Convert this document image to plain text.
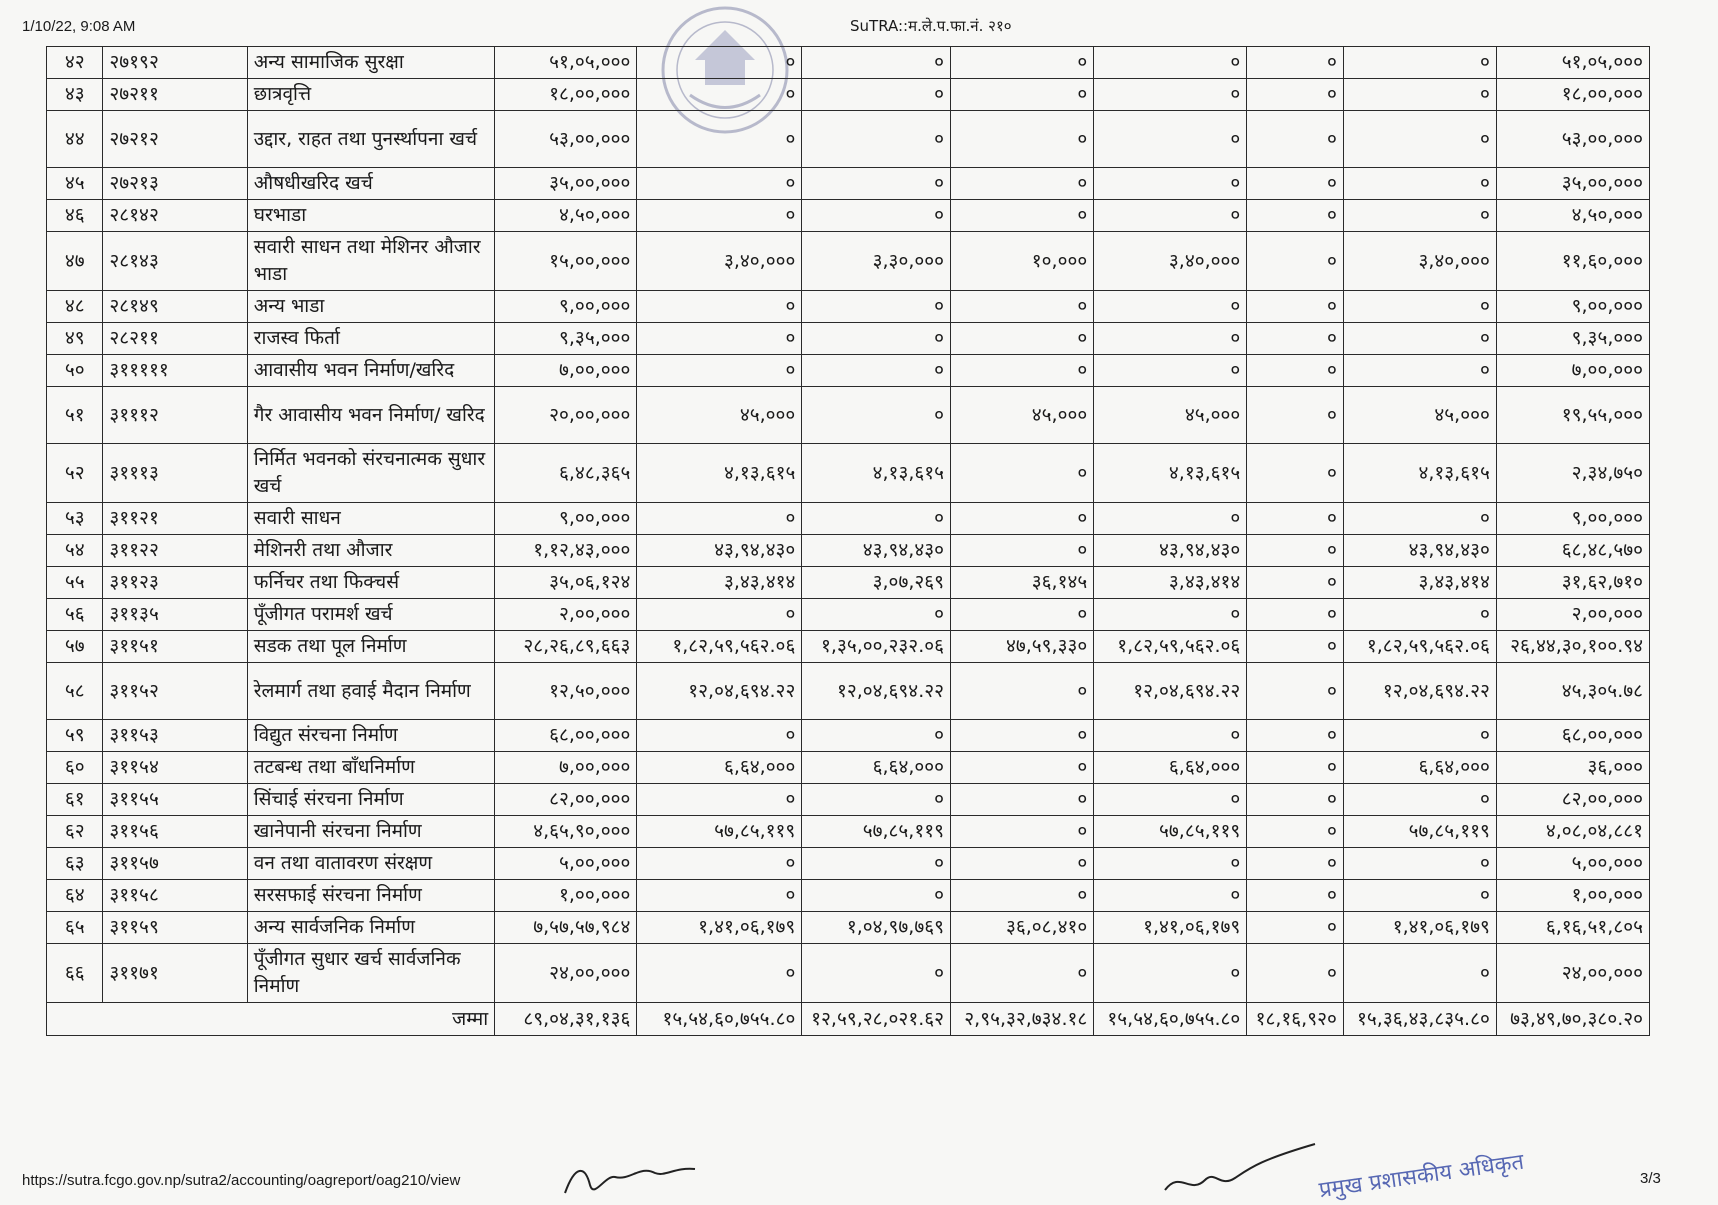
1/10/22, 9:08 AM	SuTRA::म.ले.प.फा.नं. २१०
४२	२७१९२	अन्य सामाजिक सुरक्षा	५१,०५,०००	०	०	०	०	०	०	५१,०५,०००
४३	२७२११	छात्रवृत्ति	१८,००,०००	०	०	०	०	०	०	१८,००,०००
४४	२७२१२	उद्दार, राहत तथा पुनर्स्थापना खर्च	५३,००,०००	०	०	०	०	०	०	५३,००,०००
४५	२७२१३	औषधीखरिद खर्च	३५,००,०००	०	०	०	०	०	०	३५,००,०००
४६	२८१४२	घरभाडा	४,५०,०००	०	०	०	०	०	०	४,५०,०००
४७	२८१४३	सवारी साधन तथा मेशिनर औजार भाडा	१५,००,०००	३,४०,०००	३,३०,०००	१०,०००	३,४०,०००	०	३,४०,०००	११,६०,०००
४८	२८१४९	अन्य भाडा	९,००,०००	०	०	०	०	०	०	९,००,०००
४९	२८२११	राजस्व फिर्ता	९,३५,०००	०	०	०	०	०	०	९,३५,०००
५०	३१११११	आवासीय भवन निर्माण/खरिद	७,००,०००	०	०	०	०	०	०	७,००,०००
५१	३१११२	गैर आवासीय भवन निर्माण/ खरिद	२०,००,०००	४५,०००	०	४५,०००	४५,०००	०	४५,०००	१९,५५,०००
५२	३१११३	निर्मित भवनको संरचनात्मक सुधार खर्च	६,४८,३६५	४,१३,६१५	४,१३,६१५	०	४,१३,६१५	०	४,१३,६१५	२,३४,७५०
५३	३११२१	सवारी साधन	९,००,०००	०	०	०	०	०	०	९,००,०००
५४	३११२२	मेशिनरी तथा औजार	१,१२,४३,०००	४३,९४,४३०	४३,९४,४३०	०	४३,९४,४३०	०	४३,९४,४३०	६८,४८,५७०
५५	३११२३	फर्निचर तथा फिक्चर्स	३५,०६,१२४	३,४३,४१४	३,०७,२६९	३६,१४५	३,४३,४१४	०	३,४३,४१४	३१,६२,७१०
५६	३११३५	पूँजीगत परामर्श खर्च	२,००,०००	०	०	०	०	०	०	२,००,०००
५७	३११५१	सडक तथा पूल निर्माण	२८,२६,८९,६६३	१,८२,५९,५६२.०६	१,३५,००,२३२.०६	४७,५९,३३०	१,८२,५९,५६२.०६	०	१,८२,५९,५६२.०६	२६,४४,३०,१००.९४
५८	३११५२	रेलमार्ग तथा हवाई मैदान निर्माण	१२,५०,०००	१२,०४,६९४.२२	१२,०४,६९४.२२	०	१२,०४,६९४.२२	०	१२,०४,६९४.२२	४५,३०५.७८
५९	३११५३	विद्युत संरचना निर्माण	६८,००,०००	०	०	०	०	०	०	६८,००,०००
६०	३११५४	तटबन्ध तथा बाँधनिर्माण	७,००,०००	६,६४,०००	६,६४,०००	०	६,६४,०००	०	६,६४,०००	३६,०००
६१	३११५५	सिंचाई संरचना निर्माण	८२,००,०००	०	०	०	०	०	०	८२,००,०००
६२	३११५६	खानेपानी संरचना निर्माण	४,६५,९०,०००	५७,८५,११९	५७,८५,११९	०	५७,८५,११९	०	५७,८५,११९	४,०८,०४,८८१
६३	३११५७	वन तथा वातावरण संरक्षण	५,००,०००	०	०	०	०	०	०	५,००,०००
६४	३११५८	सरसफाई संरचना निर्माण	१,००,०००	०	०	०	०	०	०	१,००,०००
६५	३११५९	अन्य सार्वजनिक निर्माण	७,५७,५७,९८४	१,४१,०६,१७९	१,०४,९७,७६९	३६,०८,४१०	१,४१,०६,१७९	०	१,४१,०६,१७९	६,१६,५१,८०५
६६	३११७१	पूँजीगत सुधार खर्च सार्वजनिक निर्माण	२४,००,०००	०	०	०	०	०	०	२४,००,०००
जम्मा			८९,०४,३१,१३६	१५,५४,६०,७५५.८०	१२,५९,२८,०२१.६२	२,९५,३२,७३४.१८	१५,५४,६०,७५५.८०	१८,१६,९२०	१५,३६,४३,८३५.८०	७३,४९,७०,३८०.२०
https://sutra.fcgo.gov.np/sutra2/accounting/oagreport/oag210/view	3/3
प्रमुख प्रशासकीय अधिकृत
